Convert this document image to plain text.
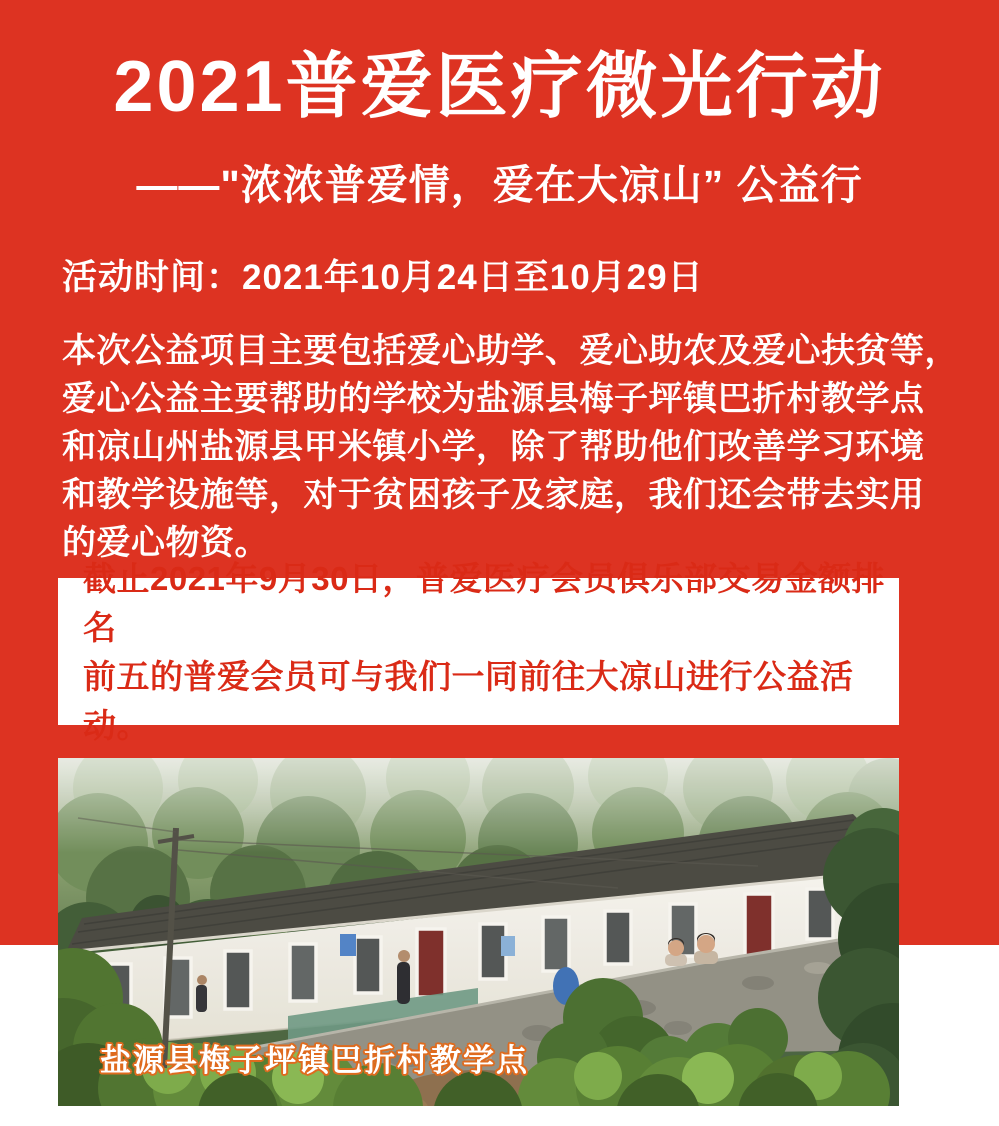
2021普爱医疗微光行动
——"浓浓普爱情，爱在大凉山” 公益行
活动时间：2021年10月24日至10月29日
本次公益项目主要包括爱心助学、爱心助农及爱心扶贫等，
爱心公益主要帮助的学校为盐源县梅子坪镇巴折村教学点
和凉山州盐源县甲米镇小学，除了帮助他们改善学习环境
和教学设施等，对于贫困孩子及家庭，我们还会带去实用
的爱心物资。
截止2021年9月30日，普爱医疗会员俱乐部交易金额排名
前五的普爱会员可与我们一同前往大凉山进行公益活动。
盐源县梅子坪镇巴折村教学点
